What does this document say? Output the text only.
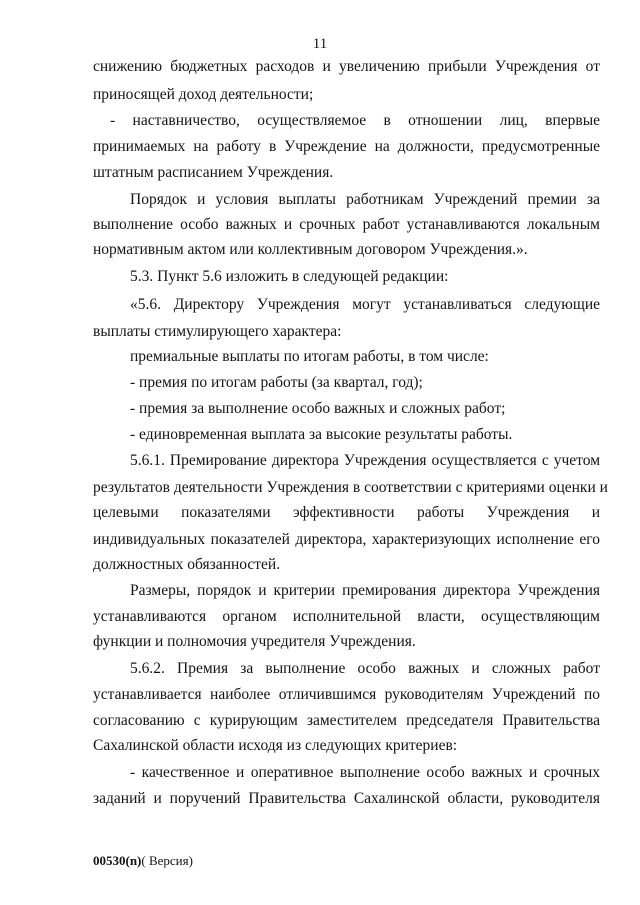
11
снижению бюджетных расходов и увеличению прибыли Учреждения от
приносящей доход деятельности;
- наставничество, осуществляемое в отношении лиц, впервые
принимаемых на работу в Учреждение на должности, предусмотренные
штатным расписанием Учреждения.
Порядок и условия выплаты работникам Учреждений премии за
выполнение особо важных и срочных работ устанавливаются локальным
нормативным актом или коллективным договором Учреждения.».
5.3. Пункт 5.6 изложить в следующей редакции:
«5.6. Директору Учреждения могут устанавливаться следующие
выплаты стимулирующего характера:
премиальные выплаты по итогам работы, в том числе:
- премия по итогам работы (за квартал, год);
- премия за выполнение особо важных и сложных работ;
- единовременная выплата за высокие результаты работы.
5.6.1. Премирование директора Учреждения осуществляется с учетом
результатов деятельности Учреждения в соответствии с критериями оценки и
целевыми показателями эффективности работы Учреждения и
индивидуальных показателей директора, характеризующих исполнение его
должностных обязанностей.
Размеры, порядок и критерии премирования директора Учреждения
устанавливаются органом исполнительной власти, осуществляющим
функции и полномочия учредителя Учреждения.
5.6.2. Премия за выполнение особо важных и сложных работ
устанавливается наиболее отличившимся руководителям Учреждений по
согласованию с курирующим заместителем председателя Правительства
Сахалинской области исходя из следующих критериев:
- качественное и оперативное выполнение особо важных и срочных
заданий и поручений Правительства Сахалинской области, руководителя
00530(n)( Версия)
